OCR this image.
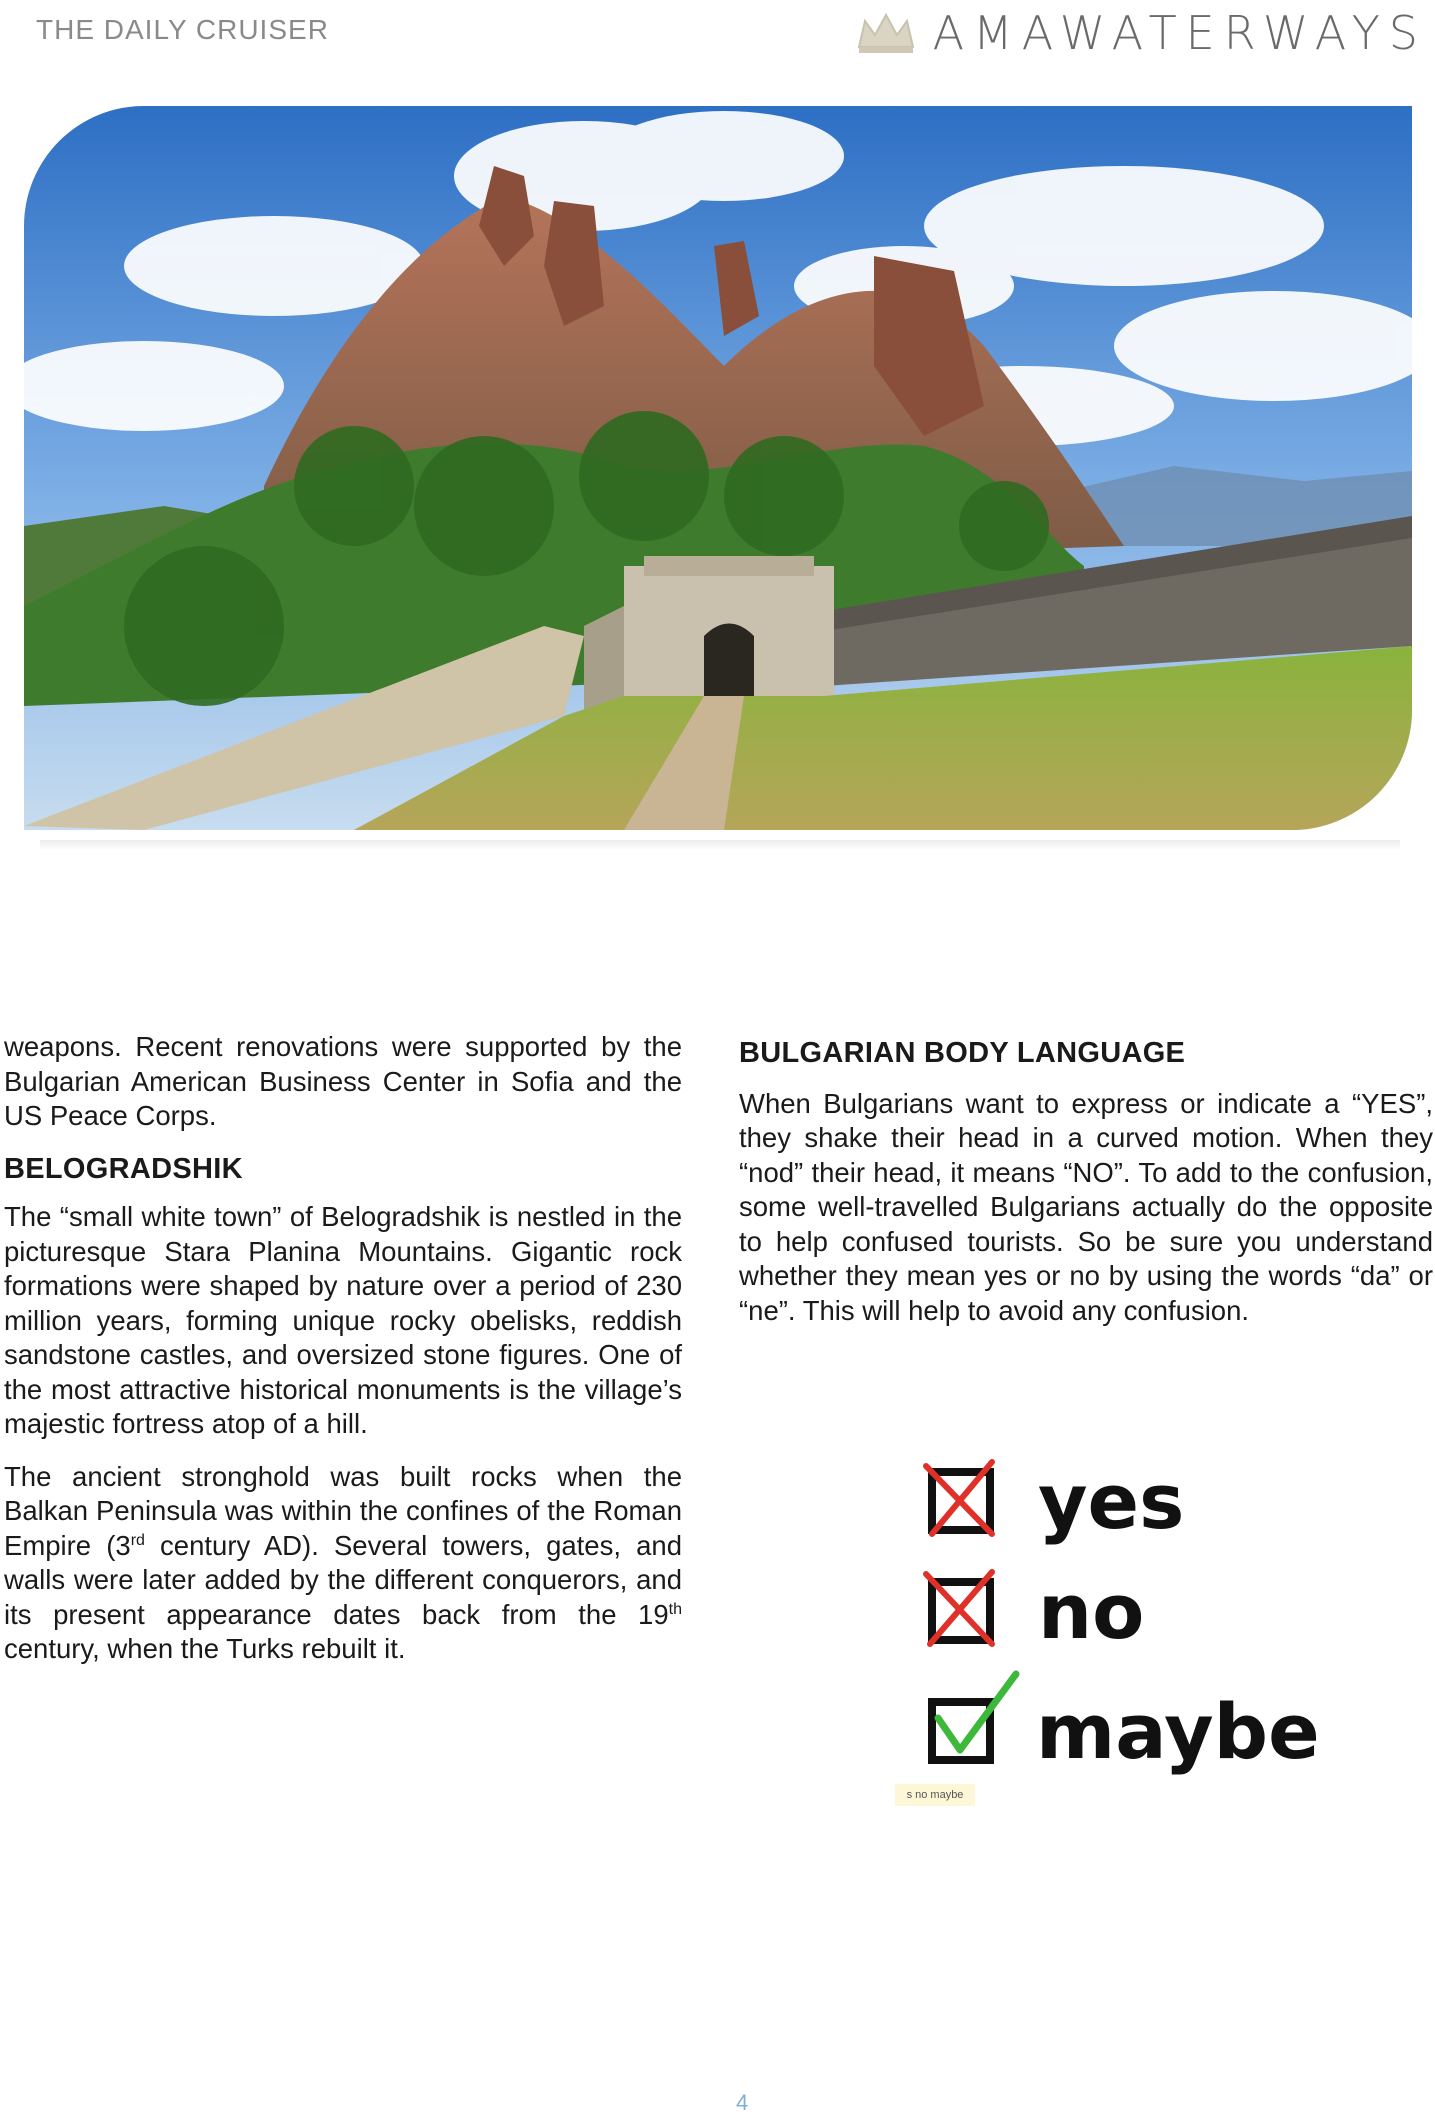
THE DAILY CRUISER	AMAWATERWAYS

weapons. Recent renovations were supported by the Bulgarian American Business Center in Sofia and the US Peace Corps.

BELOGRADSHIK

The “small white town” of Belogradshik is nestled in the picturesque Stara Planina Mountains. Gigantic rock formations were shaped by nature over a period of 230 million years, forming unique rocky obelisks, reddish sandstone castles, and oversized stone figures. One of the most attractive historical monuments is the village’s majestic fortress atop of a hill.

The ancient stronghold was built rocks when the Balkan Peninsula was within the confines of the Roman Empire (3rd century AD). Several towers, gates, and walls were later added by the different conquerors, and its present appearance dates back from the 19th century, when the Turks rebuilt it.

BULGARIAN BODY LANGUAGE

When Bulgarians want to express or indicate a “YES”, they shake their head in a curved motion. When they “nod” their head, it means “NO”. To add to the confusion, some well-travelled Bulgarians actually do the opposite to help confused tourists. So be sure you understand whether they mean yes or no by using the words “da” or “ne”. This will help to avoid any confusion.

yes
no
maybe
s no maybe
4
